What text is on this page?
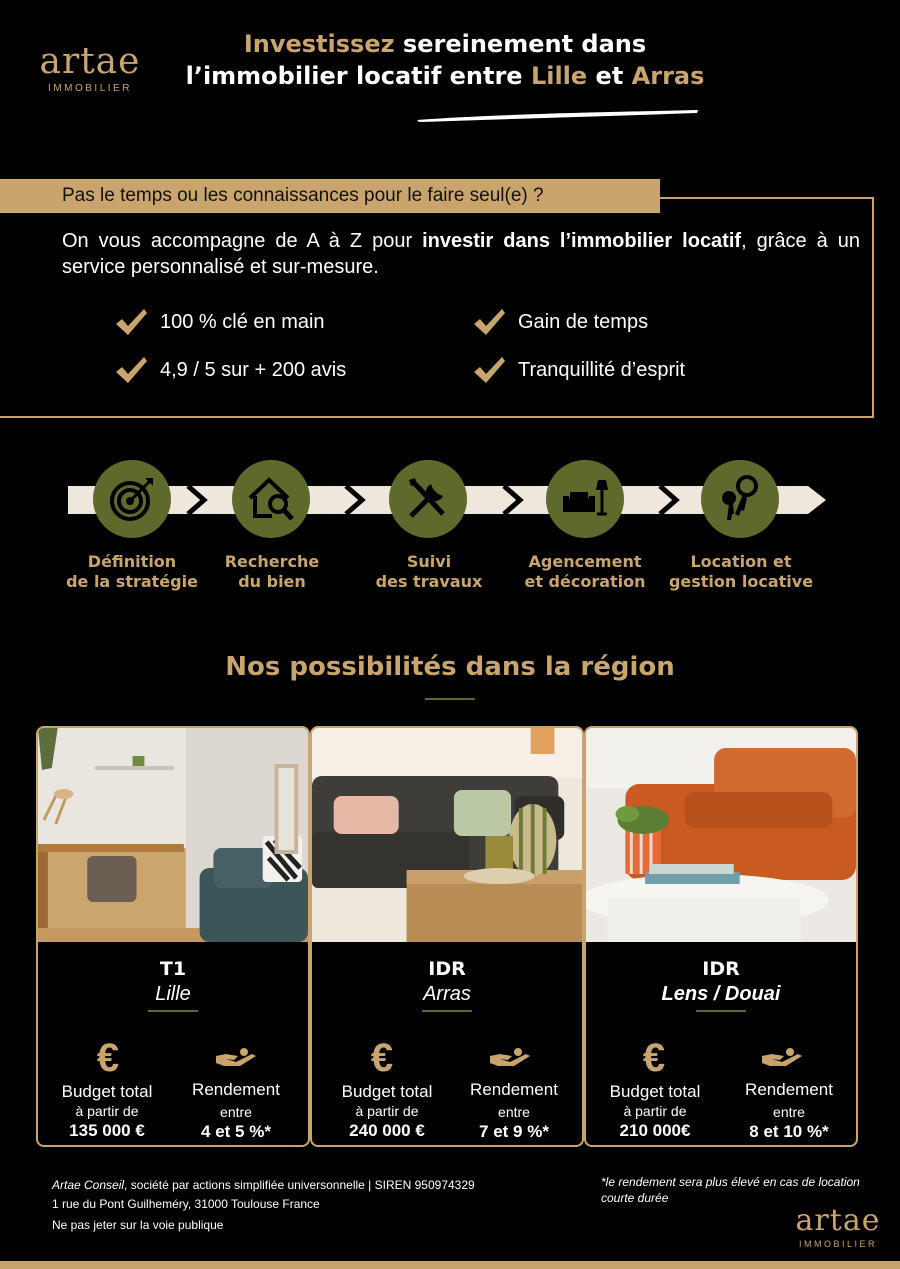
artae
IMMOBILIER
Investissez sereinement dans
l’immobilier locatif entre Lille et Arras
Pas le temps ou les connaissances pour le faire seul(e) ?
On vous accompagne de A à Z pour investir dans l’immobilier locatif, grâce à un service personnalisé et sur-mesure.
100 % clé en main	Gain de temps
4,9 / 5 sur + 200 avis	Tranquillité d’esprit
Définition
de la stratégie
Recherche
du bien
Suivi
des travaux
Agencement
et décoration
Location et
gestion locative
Nos possibilités dans la région
T1
Lille
€
Budget total
à partir de
135 000 €
Rendement
entre
4 et 5 %*
IDR
Arras
€
Budget total
à partir de
240 000 €
Rendement
entre
7 et 9 %*
IDR
Lens / Douai
€
Budget total
à partir de
210 000€
Rendement
entre
8 et 10 %*
Artae Conseil, société par actions simplifiée universonnelle | SIREN 950974329
1 rue du Pont Guilheméry, 31000 Toulouse France
Ne pas jeter sur la voie publique
*le rendement sera plus élevé en cas de location courte durée
artae
IMMOBILIER
